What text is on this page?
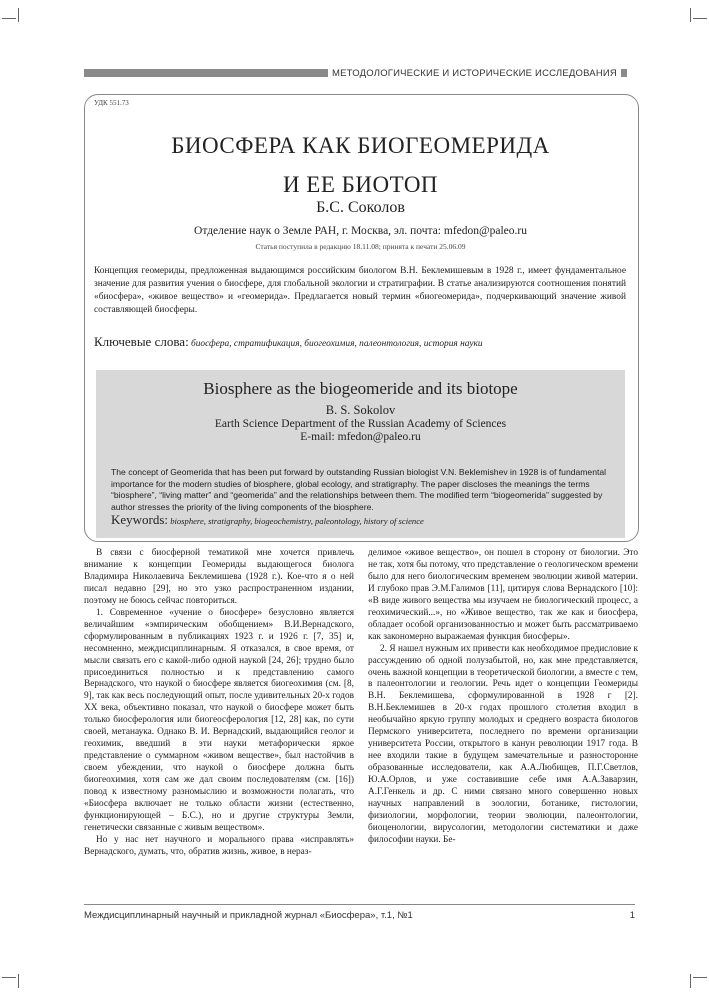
МЕТОДОЛОГИЧЕСКИЕ И ИСТОРИЧЕСКИЕ ИССЛЕДОВАНИЯ
УДК 551.73
БИОСФЕРА КАК БИОГЕОМЕРИДА
И ЕЕ БИОТОП
Б.С. Соколов
Отделение наук о Земле РАН, г. Москва, эл. почта: mfedon@paleo.ru
Статья поступила в редакцию 18.11.08; принята к печати 25.06.09
Концепция геомериды, предложенная выдающимся российским биологом В.Н. Беклемишевым в 1928 г., имеет фундаментальное значение для развития учения о биосфере, для глобальной экологии и стратиграфии. В статье анализируются соотношения понятий «биосфера», «живое вещество» и «геомерида». Предлагается новый термин «биогеомерида», подчеркивающий значение живой составляющей биосферы.
Ключевые слова: биосфера, стратификация, биогеохимия, палеонтология, история науки
Biosphere as the biogeomeride and its biotope
B. S. Sokolov
Earth Science Department of the Russian Academy of Sciences
E-mail: mfedon@paleo.ru
The concept of Geomerida that has been put forward by outstanding Russian biologist V.N. Beklemishev in 1928 is of fundamental importance for the modern studies of biosphere, global ecology, and stratigraphy. The paper discloses the meanings the terms “biosphere”, “living matter” and “geomerida” and the relationships between them. The modified term “biogeomerida” suggested by author stresses the priority of the living components of the biosphere.
Keywords: biosphere, stratigraphy, biogeochemistry, paleontology, history of science

В связи с биосферной тематикой мне хочется привлечь внимание к концепции Геомериды выдающегося биолога Владимира Николаевича Беклемишева (1928 г.). Кое-что я о ней писал недавно [29], но это узко распространенном издании, поэтому не боюсь сейчас повториться.

1. Современное «учение о биосфере» безусловно является величайшим «эмпирическим обобщением» В.И.Вернадского, сформулированным в публикациях 1923 г. и 1926 г. [7, 35] и, несомненно, междисциплинарным. Я отказался, в свое время, от мысли связать его с какой-либо одной наукой [24, 26]; трудно было присоединиться полностью и к представлению самого Вернадского, что наукой о биосфере является биогеохимия (см. [8, 9], так как весь последующий опыт, после удивительных 20-х годов XX века, объективно показал, что наукой о биосфере может быть только биосферология или биогеосферология [12, 28] как, по сути своей, метанаука. Однако В. И. Вернадский, выдающийся геолог и геохимик, введший в эти науки метафорически яркое представление о суммарном «живом веществе», был настойчив в своем убеждении, что наукой о биосфере должна быть биогеохимия, хотя сам же дал своим последователям (см. [16]) повод к известному разномыслию и возможности полагать, что «Биосфера включает не только области жизни (естественно, функционирующей – Б.С.), но и другие структуры Земли, генетически связанные с живым веществом».

Но у нас нет научного и морального права «исправлять» Вернадского, думать, что, обратив жизнь, живое, в нераз-

делимое «живое вещество», он пошел в сторону от биологии. Это не так, хотя бы потому, что представление о геологическом времени было для него биологическим временем эволюции живой материи. И глубоко прав Э.М.Галимов [11], цитируя слова Вернадского [10]: «В виде живого вещества мы изучаем не биологический процесс, а геохимический...», но «Живое вещество, так же как и биосфера, обладает особой организованностью и может быть рассматриваемо как закономерно выражаемая функция биосферы».

2. Я нашел нужным их привести как необходимое предисловие к рассуждению об одной полузабытой, но, как мне представляется, очень важной концепции в теоретической биологии, а вместе с тем, в палеонтологии и геологии. Речь идет о концепции Геомериды В.Н. Беклемишева, сформулированной в 1928 г [2]. В.Н.Беклемишев в 20-х годах прошлого столетия входил в необычайно яркую группу молодых и среднего возраста биологов Пермского университета, последнего по времени организации университета России, открытого в канун революции 1917 года. В нее входили такие в будущем замечательные и разносторонне образованные исследователи, как А.А.Любищев, П.Г.Светлов, Ю.А.Орлов, и уже составившие себе имя А.А.Заварзин, А.Г.Генкель и др. С ними связано много совершенно новых научных направлений в зоологии, ботанике, гистологии, физиологии, морфологии, теории эволюции, палеонтологии, биоценологии, вирусологии, методологии систематики и даже философии науки. Бе-

Междисциплинарный научный и прикладной журнал «Биосфера», т.1, №1	1
